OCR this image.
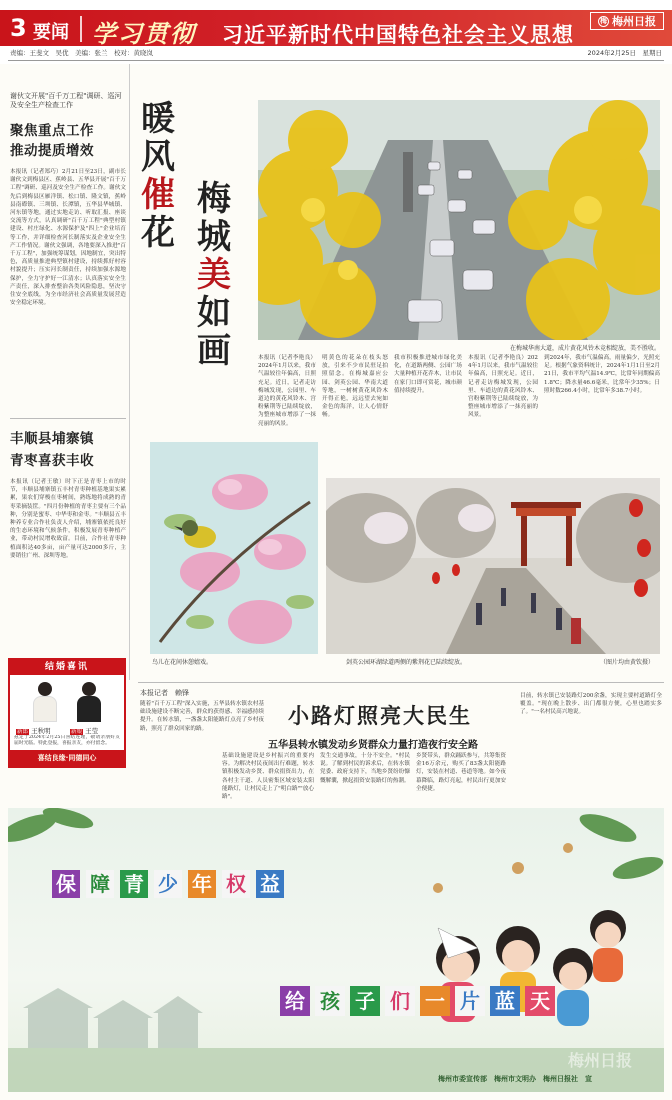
3 要闻 学习贯彻 习近平新时代中国特色社会主义思想
梅 梅州日报
责编：王斐文　吴优　美编：张兰　校对：黄晓岚	2024年2月25日　星期日
谢伙文开展"百千万工程"调研、巡河及安全生产检查工作
聚焦重点工作
推动提质增效
本报讯（记者郑巧）2月21日至23日，副市长谢伙文到梅县区、蕉岭县、五华县开展"百千万工程"调研、巡河及安全生产检查工作。谢伙文先后到梅县区雁洋镇、松口镇、隆文镇，蕉岭县南磜镇、三圳镇、长潭镇，五华县华城镇、河东镇等地，通过实地走访、听取汇报、座谈交流等方式，认真调研"百千万工程"典型村镇建设、村庄绿化、水源保护及"四上"企业培育等工作，并详细检查河长制落实及企业安全生产工作情况。谢伙文强调，各地要深入推进"百千万工程"，加强统筹谋划，因地制宜，突出特色，高质量推进典型镇村建设，持续抓好村容村貌提升；压实河长制责任，持续加强水源地保护，全力守护好一江清水；认真落实安全生产责任，深入排查整治各类风险隐患，坚决守住安全底线，为全市经济社会高质量发展营造安全稳定环境。
丰顺县埔寨镇
青枣喜获丰收
本报讯（记者王敏）时下正是青枣上市的时节，丰顺县埔寨镇五丰村青枣种植基地果实累累，果农们穿梭在枣树间，熟练地将成熟的青枣采摘装筐。"四月份种植的青枣主要有三个品种，分别是蜜枣、中华枣和金枣。"丰顺县五丰种养专业合作社负责人介绍，埔寨镇依托良好的生态环境和气候条件，积极发展青枣种植产业，带动村民增收致富。目前，合作社青枣种植面积达40多亩，亩产量可达2000多斤，主要销往广州、深圳等地。
结婚喜讯
新郎 王秋明	新娘 王莹
兹定于2024年2月25日喜结连理，敬请亲朋好友届时光临。特此登报，喜报亲友，亦付留念。
喜结良缘·同德同心
暖
风
催
花
梅
城
美
如
画	在梅城华南大道，成片黄花风铃木竞相绽放，美不胜收。
本报讯（记者李艳良）2024年1月以来，我市气温较往年偏高，日照充足。近日，记者走访梅城发现，公园里、车道边的黄花风铃木、宫粉紫荆等已陆续绽放，为整座城市增添了一抹亮丽的风景。
明黄色的花朵在枝头怒放，引来不少市民驻足拍照留念。在梅城嘉应公园、剑英公园、华南大道等地，一树树黄花风铃木开得正艳，远远望去宛如金色的海洋，让人心情舒畅。
我市积极推进城市绿化美化，在道路两侧、公园广场大量种植开花乔木，让市民在家门口即可赏花，城市颜值持续提升。
本报讯（记者李艳良）2024年1月以来，我市气温较往年偏高，日照充足。近日，记者走访梅城发现，公园里、车道边的黄花风铃木、宫粉紫荆等已陆续绽放，为整座城市增添了一抹亮丽的风景。
到2024年，我市气温偏高，雨量偏少，光照充足。根据气象资料统计，2024年1月1日至2月21日，我市平均气温14.9℃，比常年同期偏高1.8℃；降水量46.6毫米，比常年少35%；日照时数266.4小时，比常年多38.7小时。
鸟儿在花间休憩嬉戏。	剑英公园环湖绿道两侧的紫荆花已陆续绽放。	（图片均由黄钦摄）
本报记者　赖锋
小路灯照亮大民生
五华县转水镇发动乡贤群众力量打造夜行安全路
随着"百千万工程"深入实施，五华县转水镇农村基础设施建设不断完善，群众的获得感、幸福感持续提升。在转水镇，一盏盏太阳能路灯点亮了乡村夜路，照亮了群众回家的路。
基础设施建设是乡村振兴的重要内容。为解决村民夜间出行难题，转水镇积极发动乡贤、群众捐资出力，在各村主干道、人员密集区域安装太阳能路灯，让村民走上了"明白路""放心路"。
发生交通事故，十分不安全。"村民说。了解到村民的诉求后，在转水镇党委、政府支持下，当地乡贤纷纷慷慨解囊，掀起捐资安装路灯的热潮。
乡贤带头，群众踊跃参与，共筹集资金16万余元，购买了83盏太阳能路灯，安装在村道、巷道等地。如今夜幕降临，路灯亮起，村民出行更加安全便捷。
目前，转水镇已安装路灯200余盏，实现主要村道路灯全覆盖。"现在晚上散步、出门都很方便，心里也踏实多了。"一名村民高兴地说。
保 障 青 少 年 权 益
给 孩 子 们 一 片 蓝 天
梅州市委宣传部　梅州市文明办　梅州日报社　宣
梅州日报
